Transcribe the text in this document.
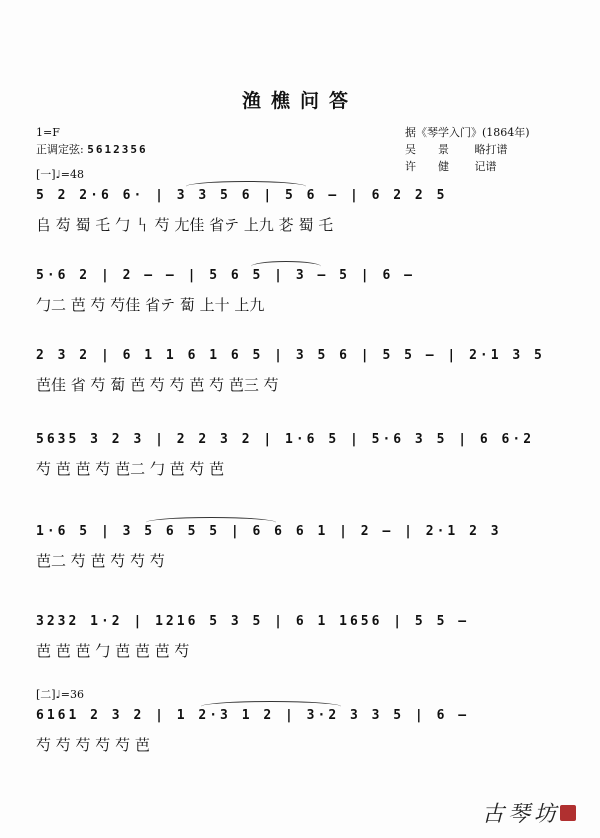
渔樵问答
1=F
正调定弦: 5612356
据《琴学入门》(1864年)
吴景 略打谱
许健 记谱
[一]♩=48
5 2 2·6 6· | 3 3 5 6 | 5 6 — | 6 2 2 5
𠂤 芶 蜀 乇 勹 𠃑 芍 尢佳 省テ 上九 芲 蜀 乇
5·6 2 | 2 — — | 5 6 5 | 3 — 5 | 6 —
勹二 芭 芍 芍佳 省テ 蔔 上十 上九
2 3 2 | 6 1 1 6 1 6 5 | 3 5 6 | 5 5 — | 2·1 3 5
芭佳 省 芍 蔔 芭 芍 芍 芭 芍 芭三 芍
5635 3 2 3 | 2 2 3 2 | 1·6 5 | 5·6 3 5 | 6 6·2
芍 芭 芭 芍 芭二 勹 芭 芍 芭
1·6 5 | 3 5 6 5 5 | 6 6 6 1 | 2 — | 2·1 2 3
芭二 芍 芭 芍 芍 芍
3232 1·2 | 1216 5 3 5 | 6 1 1656 | 5 5 —
芭 芭 芭 勹 芭 芭 芭 芍
[二]♩=36
6161 2 3 2 | 1 2·3 1 2 | 3·2 3 3 5 | 6 —
芍 芍 芍 芍 芍 芭
古琴坊
